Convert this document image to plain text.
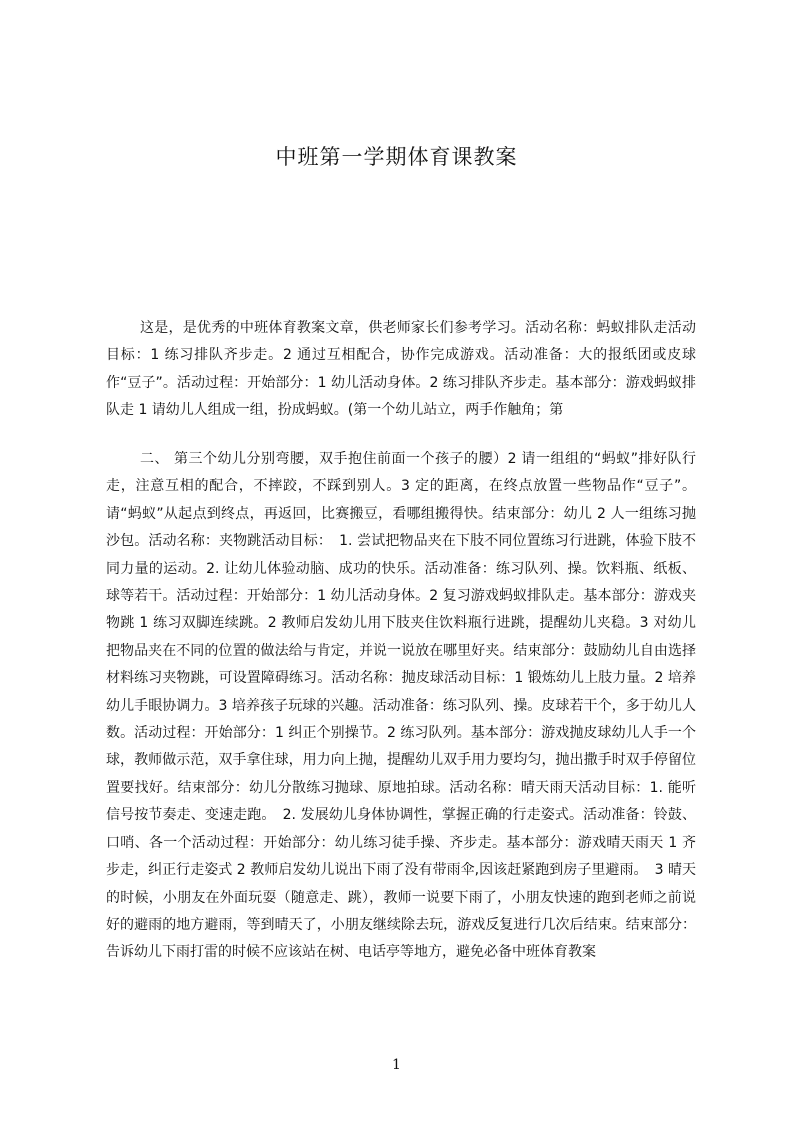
中班第一学期体育课教案

这是，是优秀的中班体育教案文章，供老师家长们参考学习。活动名称：蚂蚁排队走活动目标：1 练习排队齐步走。2 通过互相配合，协作完成游戏。活动准备：大的报纸团或皮球作“豆子”。活动过程：开始部分：1 幼儿活动身体。2 练习排队齐步走。基本部分：游戏蚂蚁排队走 1 请幼儿人组成一组，扮成蚂蚁。(第一个幼儿站立，两手作触角；第

二、 第三个幼儿分别弯腰，双手抱住前面一个孩子的腰）2 请一组组的“蚂蚁”排好队行走，注意互相的配合，不摔跤，不踩到别人。3 定的距离，在终点放置一些物品作“豆子”。请“蚂蚁”从起点到终点，再返回，比赛搬豆，看哪组搬得快。结束部分：幼儿 2 人一组练习抛沙包。活动名称：夹物跳活动目标：　1. 尝试把物品夹在下肢不同位置练习行进跳，体验下肢不同力量的运动。2. 让幼儿体验动脑、成功的快乐。活动准备：练习队列、操。饮料瓶、纸板、球等若干。活动过程：开始部分：1 幼儿活动身体。2 复习游戏蚂蚁排队走。基本部分：游戏夹物跳 1 练习双脚连续跳。2 教师启发幼儿用下肢夹住饮料瓶行进跳，提醒幼儿夹稳。3 对幼儿把物品夹在不同的位置的做法给与肯定，并说一说放在哪里好夹。结束部分：鼓励幼儿自由选择材料练习夹物跳，可设置障碍练习。活动名称：抛皮球活动目标：1 锻炼幼儿上肢力量。2 培养幼儿手眼协调力。3 培养孩子玩球的兴趣。活动准备：练习队列、操。皮球若干个，多于幼儿人数。活动过程：开始部分：1 纠正个别操节。2 练习队列。基本部分：游戏抛皮球幼儿人手一个球，教师做示范，双手拿住球，用力向上抛，提醒幼儿双手用力要均匀，抛出撒手时双手停留位置要找好。结束部分：幼儿分散练习抛球、原地拍球。活动名称：晴天雨天活动目标：1. 能听信号按节奏走、变速走跑。　2. 发展幼儿身体协调性，掌握正确的行走姿式。活动准备：铃鼓、口哨、各一个活动过程：开始部分：幼儿练习徒手操、齐步走。基本部分：游戏晴天雨天 1 齐步走，纠正行走姿式 2 教师启发幼儿说出下雨了没有带雨伞,因该赶紧跑到房子里避雨。　3 晴天的时候，小朋友在外面玩耍（随意走、跳），教师一说要下雨了，小朋友快速的跑到老师之前说好的避雨的地方避雨，等到晴天了，小朋友继续除去玩，游戏反复进行几次后结束。结束部分：告诉幼儿下雨打雷的时候不应该站在树、电话亭等地方，避免必备中班体育教案

1
